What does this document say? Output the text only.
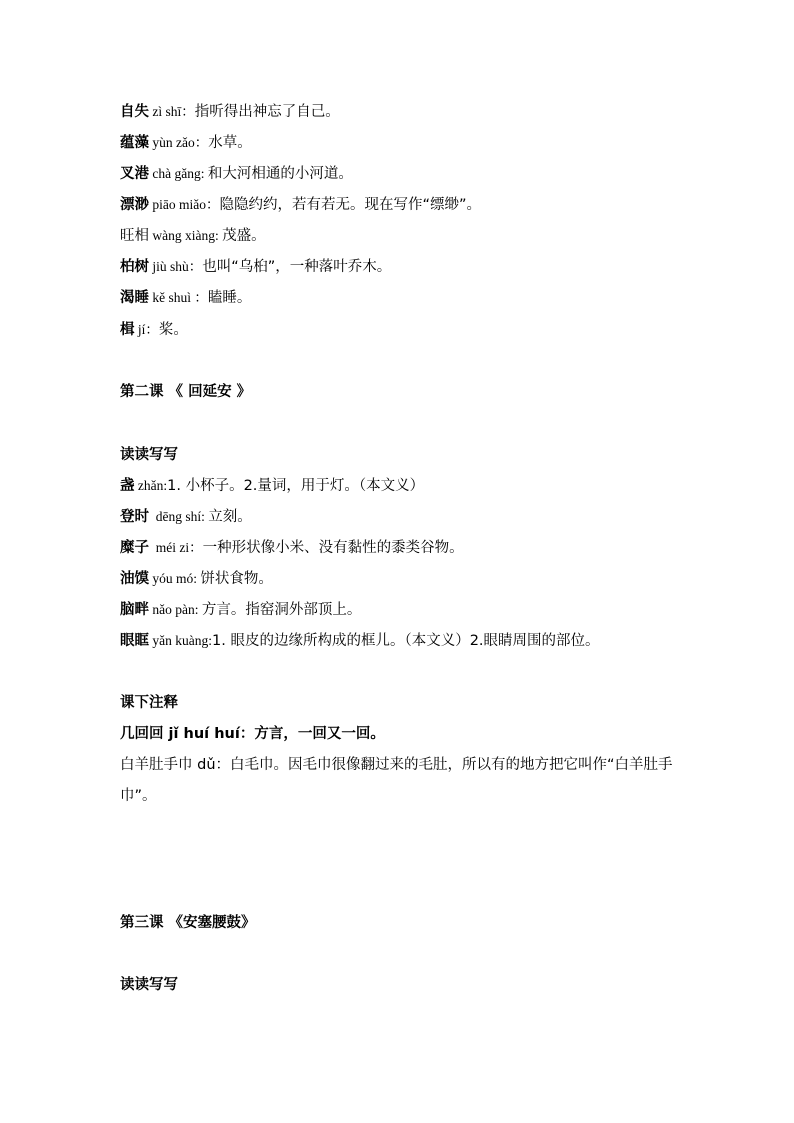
自失 zì shī：指听得出神忘了自己。
蕴藻 yùn zǎo：水草。
叉港 chà gǎng: 和大河相通的小河道。
漂渺 piāo miǎo：隐隐约约，若有若无。现在写作“缥缈”。
旺相 wàng xiàng: 茂盛。
柏树 jiù shù：也叫“乌桕”，一种落叶乔木。
渴睡 kě shuì ：瞌睡。
楫 jí：桨。
第二课 《 回延安 》
读读写写
盏 zhǎn:1. 小杯子。2.量词，用于灯。（本文义）
登时  dēng shí: 立刻。
糜子  méi zi：一种形状像小米、没有黏性的黍类谷物。
油馍 yóu mó: 饼状食物。
脑畔 nǎo pàn: 方言。指窑洞外部顶上。
眼眶 yǎn kuàng:1. 眼皮的边缘所构成的框儿。（本文义）2.眼睛周围的部位。
课下注释
几回回 jǐ huí huí：方言，一回又一回。
白羊肚手巾 dǔ：白毛巾。因毛巾很像翻过来的毛肚，所以有的地方把它叫作“白羊肚手巾”。
第三课 《安塞腰鼓》
读读写写
